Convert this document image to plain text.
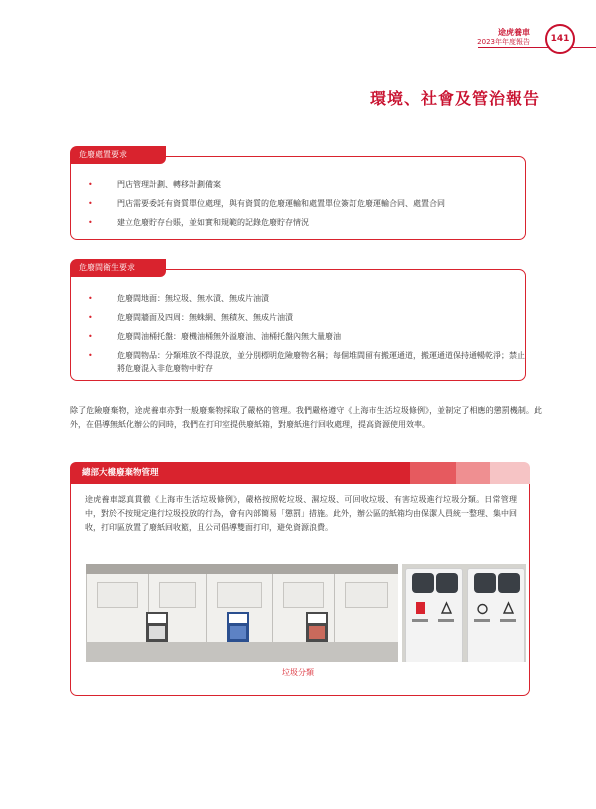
途虎養車
2023年年度報告 141
環境、社會及管治報告
危廢處置要求
• 門店管理計劃、轉移計劃備案
• 門店需要委託有資質單位處理，與有資質的危廢運輸和處置單位簽訂危廢運輸合同、處置合同
• 建立危廢貯存台賬，並如實和規範的記錄危廢貯存情況
危廢間衛生要求
• 危廢間地面：無垃圾、無水漬、無成片油漬
• 危廢間牆面及四周：無蛛網、無積灰、無成片油漬
• 危廢間油桶托盤：廢機油桶無外溢廢油、油桶托盤內無大量廢油
• 危廢間物品：分類堆放不得混放，並分別標明危險廢物名稱；每個堆間留有搬運通道，搬運通道保持通暢乾淨；禁止將危廢混入非危廢物中貯存
除了危險廢棄物，途虎養車亦對一般廢棄物採取了嚴格的管理。我們嚴格遵守《上海市生活垃圾條例》，並制定了相應的懲罰機制。此外，在倡導無紙化辦公的同時，我們在打印室提供廢紙箱，對廢紙進行回收處理，提高資源使用效率。
總部大樓廢棄物管理
途虎養車認真貫徹《上海市生活垃圾條例》，嚴格按照乾垃圾、濕垃圾、可回收垃圾、有害垃圾進行垃圾分類。日常管理中，對於不按規定進行垃圾投放的行為，會有內部簡易「懲罰」措施。此外，辦公區的紙箱均由保潔人員統一整理、集中回收，打印區放置了廢紙回收籃，且公司倡導雙面打印，避免資源浪費。
垃圾分類
